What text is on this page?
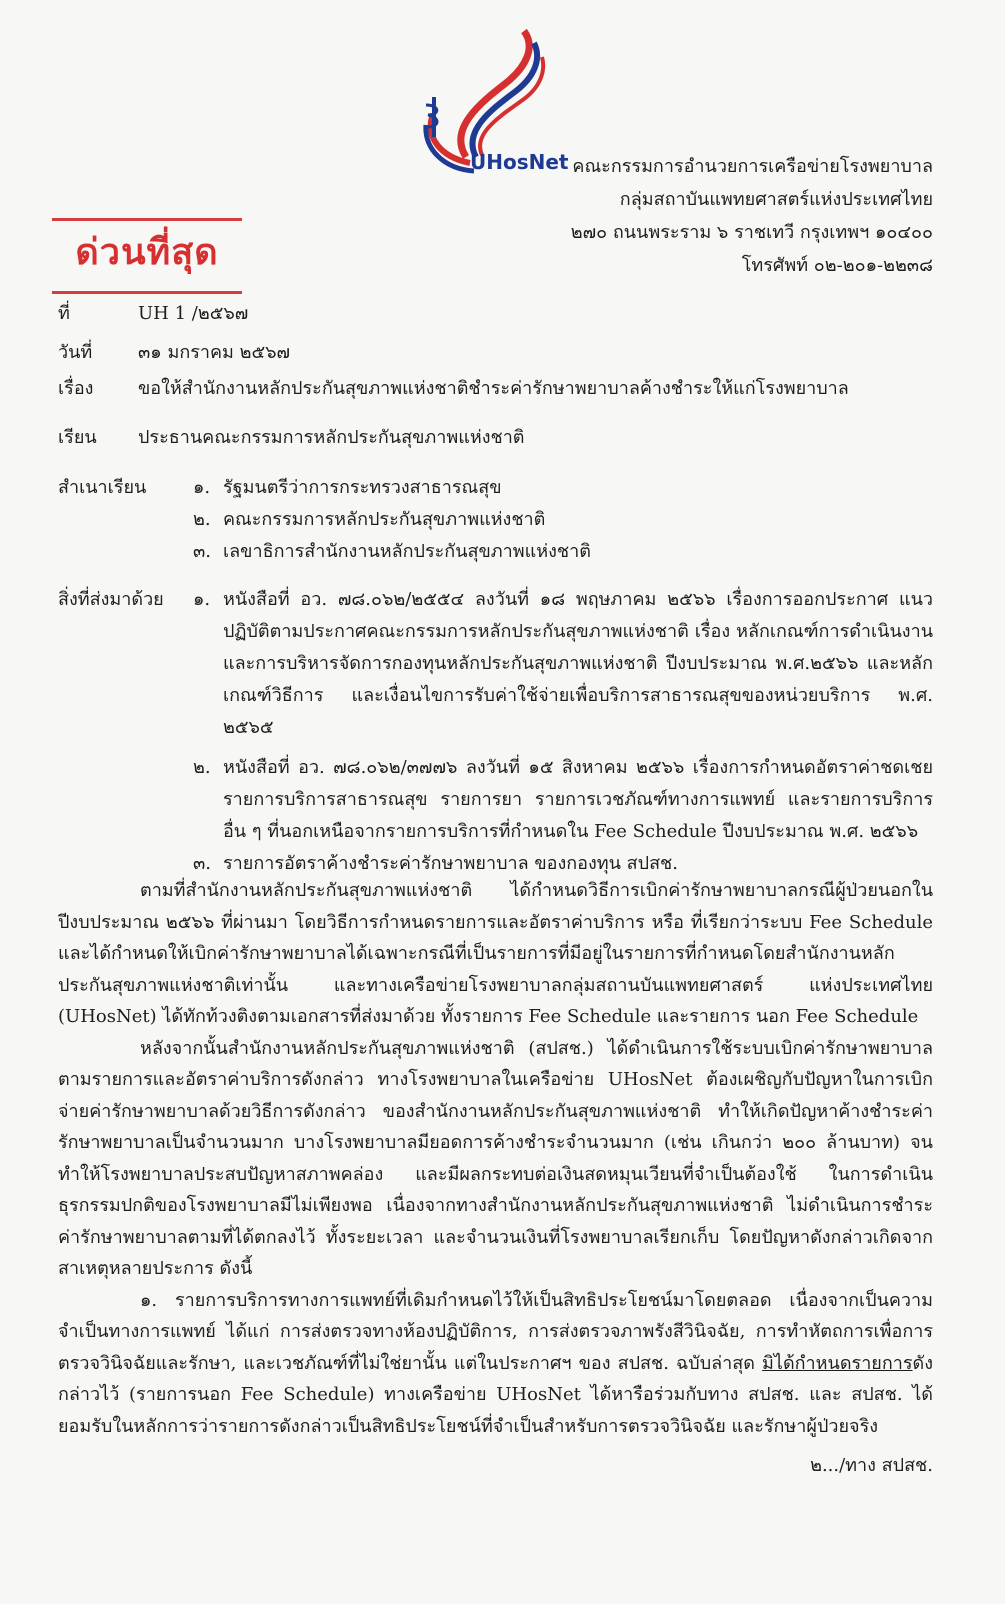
UHosNet คณะกรรมการอำนวยการเครือข่ายโรงพยาบาล
กลุ่มสถาบันแพทยศาสตร์แห่งประเทศไทย
๒๗๐ ถนนพระราม ๖ ราชเทวี กรุงเทพฯ ๑๐๔๐๐
โทรศัพท์ ๐๒-๒๐๑-๒๒๓๘
ด่วนที่สุด
ที่	UH 1 /๒๕๖๗
วันที่	๓๑ มกราคม ๒๕๖๗
เรื่อง ขอให้สำนักงานหลักประกันสุขภาพแห่งชาติชำระค่ารักษาพยาบาลค้างชำระให้แก่โรงพยาบาล
เรียน ประธานคณะกรรมการหลักประกันสุขภาพแห่งชาติ
สำเนาเรียน	๑. รัฐมนตรีว่าการกระทรวงสาธารณสุข
๒. คณะกรรมการหลักประกันสุขภาพแห่งชาติ
๓. เลขาธิการสำนักงานหลักประกันสุขภาพแห่งชาติ
สิ่งที่ส่งมาด้วย ๑. หนังสือที่ อว. ๗๘.๐๖๒/๒๕๕๔ ลงวันที่ ๑๘ พฤษภาคม ๒๕๖๖ เรื่องการออกประกาศ แนวปฏิบัติตามประกาศคณะกรรมการหลักประกันสุขภาพแห่งชาติ เรื่อง หลักเกณฑ์การดำเนินงาน และการบริหารจัดการกองทุนหลักประกันสุขภาพแห่งชาติ ปีงบประมาณ พ.ศ.๒๕๖๖ และหลักเกณฑ์วิธีการ และเงื่อนไขการรับค่าใช้จ่ายเพื่อบริการสาธารณสุขของหน่วยบริการ พ.ศ. ๒๕๖๕
๒. หนังสือที่ อว. ๗๘.๐๖๒/๓๗๗๖ ลงวันที่ ๑๕ สิงหาคม ๒๕๖๖ เรื่องการกำหนดอัตราค่าชดเชยรายการบริการสาธารณสุข รายการยา รายการเวชภัณฑ์ทางการแพทย์ และรายการบริการอื่น ๆ ที่นอกเหนือจากรายการบริการที่กำหนดใน Fee Schedule ปีงบประมาณ พ.ศ. ๒๕๖๖
๓. รายการอัตราค้างชำระค่ารักษาพยาบาล ของกองทุน สปสช.

ตามที่สำนักงานหลักประกันสุขภาพแห่งชาติ ได้กำหนดวิธีการเบิกค่ารักษาพยาบาลกรณีผู้ป่วยนอกในปีงบประมาณ ๒๕๖๖ ที่ผ่านมา โดยวิธีการกำหนดรายการและอัตราค่าบริการ หรือ ที่เรียกว่าระบบ Fee Schedule และได้กำหนดให้เบิกค่ารักษาพยาบาลได้เฉพาะกรณีที่เป็นรายการที่มีอยู่ในรายการที่กำหนดโดยสำนักงานหลักประกันสุขภาพแห่งชาติเท่านั้น และทางเครือข่ายโรงพยาบาลกลุ่มสถานบันแพทยศาสตร์ แห่งประเทศไทย (UHosNet) ได้ทักท้วงติงตามเอกสารที่ส่งมาด้วย ทั้งรายการ Fee Schedule และรายการ นอก Fee Schedule

หลังจากนั้นสำนักงานหลักประกันสุขภาพแห่งชาติ (สปสช.) ได้ดำเนินการใช้ระบบเบิกค่ารักษาพยาบาลตามรายการและอัตราค่าบริการดังกล่าว ทางโรงพยาบาลในเครือข่าย UHosNet ต้องเผชิญกับปัญหาในการเบิกจ่ายค่ารักษาพยาบาลด้วยวิธีการดังกล่าว ของสำนักงานหลักประกันสุขภาพแห่งชาติ ทำให้เกิดปัญหาค้างชำระค่ารักษาพยาบาลเป็นจำนวนมาก บางโรงพยาบาลมียอดการค้างชำระจำนวนมาก (เช่น เกินกว่า ๒๐๐ ล้านบาท) จนทำให้โรงพยาบาลประสบปัญหาสภาพคล่อง และมีผลกระทบต่อเงินสดหมุนเวียนที่จำเป็นต้องใช้ ในการดำเนินธุรกรรมปกติของโรงพยาบาลมีไม่เพียงพอ เนื่องจากทางสำนักงานหลักประกันสุขภาพแห่งชาติ ไม่ดำเนินการชำระค่ารักษาพยาบาลตามที่ได้ตกลงไว้ ทั้งระยะเวลา และจำนวนเงินที่โรงพยาบาลเรียกเก็บ โดยปัญหาดังกล่าวเกิดจากสาเหตุหลายประการ ดังนี้

๑. รายการบริการทางการแพทย์ที่เดิมกำหนดไว้ให้เป็นสิทธิประโยชน์มาโดยตลอด เนื่องจากเป็นความจำเป็นทางการแพทย์ ได้แก่ การส่งตรวจทางห้องปฏิบัติการ, การส่งตรวจภาพรังสีวินิจฉัย, การทำหัตถการเพื่อการตรวจวินิจฉัยและรักษา, และเวชภัณฑ์ที่ไม่ใช่ยานั้น แต่ในประกาศฯ ของ สปสช. ฉบับล่าสุด มิได้กำหนดรายการดังกล่าวไว้ (รายการนอก Fee Schedule) ทางเครือข่าย UHosNet ได้หารือร่วมกับทาง สปสช. และ สปสช. ได้ยอมรับในหลักการว่ารายการดังกล่าวเป็นสิทธิประโยชน์ที่จำเป็นสำหรับการตรวจวินิจฉัย และรักษาผู้ป่วยจริง

๒.../ทาง สปสช.
